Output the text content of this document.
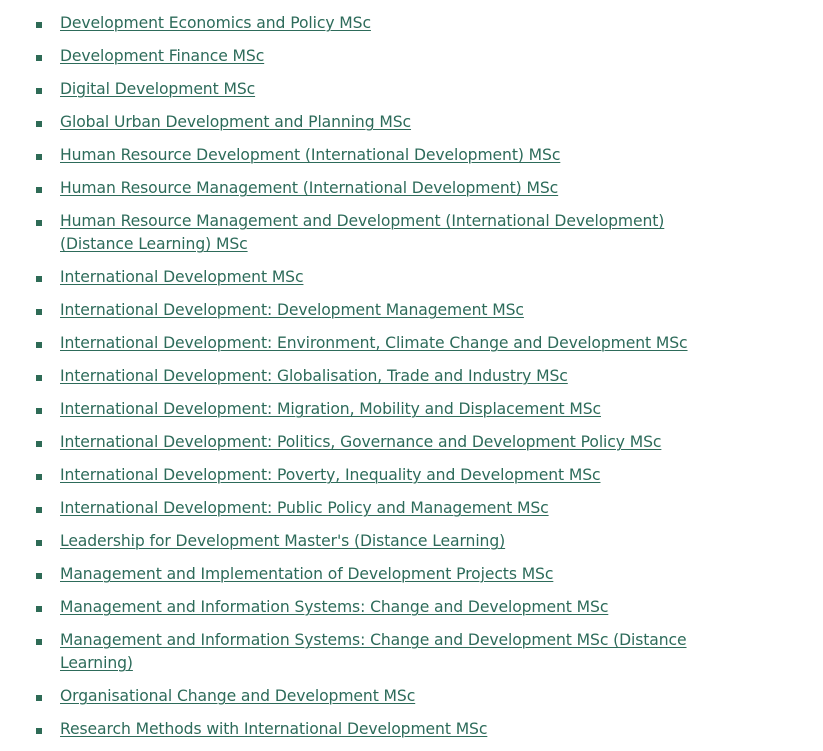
Development Economics and Policy MSc
Development Finance MSc
Digital Development MSc
Global Urban Development and Planning MSc
Human Resource Development (International Development) MSc
Human Resource Management (International Development) MSc
Human Resource Management and Development (International Development) (Distance Learning) MSc
International Development MSc
International Development: Development Management MSc
International Development: Environment, Climate Change and Development MSc
International Development: Globalisation, Trade and Industry MSc
International Development: Migration, Mobility and Displacement MSc
International Development: Politics, Governance and Development Policy MSc
International Development: Poverty, Inequality and Development MSc
International Development: Public Policy and Management MSc
Leadership for Development Master's (Distance Learning)
Management and Implementation of Development Projects MSc
Management and Information Systems: Change and Development MSc
Management and Information Systems: Change and Development MSc (Distance Learning)
Organisational Change and Development MSc
Research Methods with International Development MSc
